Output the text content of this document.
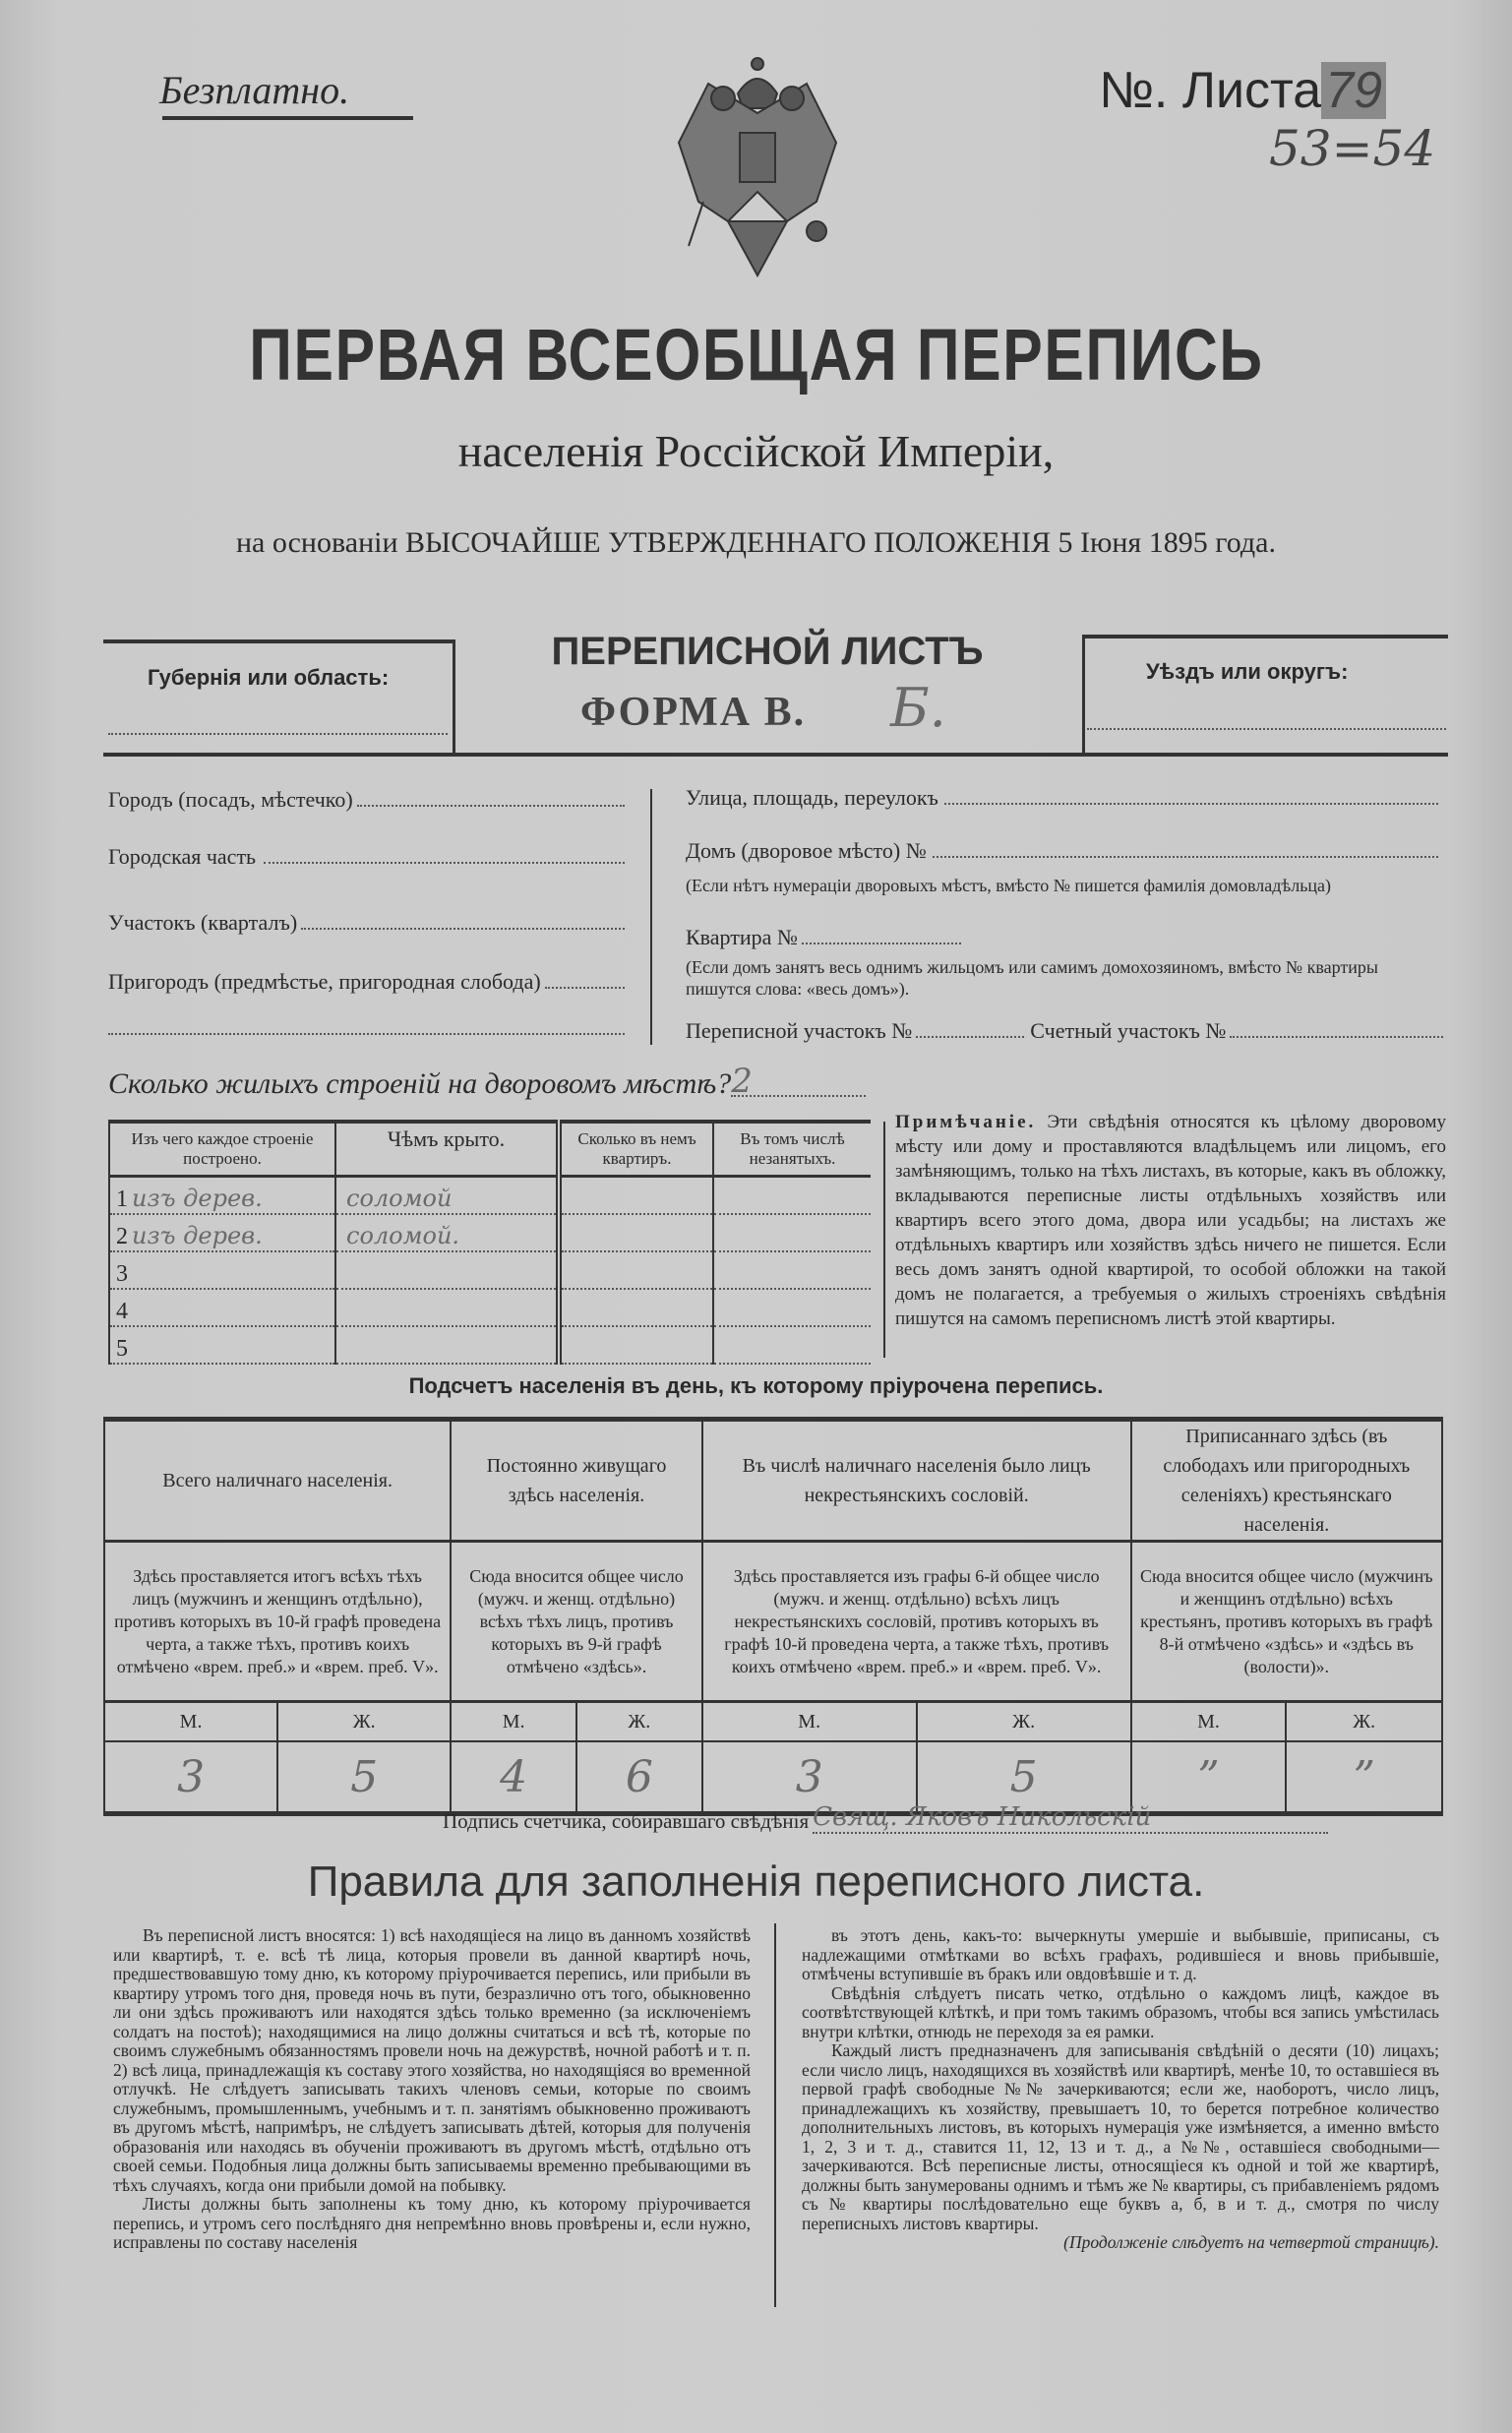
Безплатно.	№. Листа79
53=54
ПЕРВАЯ ВСЕОБЩАЯ ПЕРЕПИСЬ
населенія Россійской Имперіи,
на основаніи ВЫСОЧАЙШЕ УТВЕРЖДЕННАГО ПОЛОЖЕНІЯ 5 Іюня 1895 года.
Губернія или область:
ПЕРЕПИСНОЙ ЛИСТЪ
ФОРМА В. Б.
Уѣздъ или округъ:
Городъ (посадъ, мѣстечко)
Городская часть
Участокъ (кварталъ)
Пригородъ (предмѣстье, пригородная слобода)
Улица, площадь, переулокъ
Домъ (дворовое мѣсто) №
(Если нѣтъ нумераціи дворовыхъ мѣстъ, вмѣсто № пишется фамилія домовладѣльца)
Квартира №
(Если домъ занятъ весь однимъ жильцомъ или самимъ домохозяиномъ, вмѣсто № квартиры пишутся слова: «весь домъ»).
Переписной участокъ №	Счетный участокъ №
Сколько жилыхъ строеній на дворовомъ мѣстѣ? 2
Изъ чего каждое строеніе построено.	Чѣмъ крыто.	Сколько въ немъ квартиръ.	Въ томъ числѣ незанятыхъ.
1 изъ дерев.	соломой		
2 изъ дерев.	соломой.		
3			
4			
5			
Примѣчаніе. Эти свѣдѣнія относятся къ цѣлому дворовому мѣсту или дому и проставляются владѣльцемъ или лицомъ, его замѣняющимъ, только на тѣхъ листахъ, въ которые, какъ въ обложку, вкладываются переписные листы отдѣльныхъ хозяйствъ или квартиръ всего этого дома, двора или усадьбы; на листахъ же отдѣльныхъ квартиръ или хозяйствъ здѣсь ничего не пишется. Если весь домъ занятъ одной квартирой, то особой обложки на такой домъ не полагается, а требуемыя о жилыхъ строеніяхъ свѣдѣнія пишутся на самомъ переписномъ листѣ этой квартиры.
Подсчетъ населенія въ день, къ которому пріурочена перепись.
Всего наличнаго населенія.		Постоянно живущаго здѣсь населенія.		Въ числѣ наличнаго населенія было лицъ некрестьянскихъ сословій.		Приписаннаго здѣсь (въ слободахъ или пригородныхъ селеніяхъ) крестьянскаго населенія.	
Здѣсь проставляется итогъ всѣхъ тѣхъ лицъ (мужчинъ и женщинъ отдѣльно), противъ которыхъ въ 10-й графѣ проведена черта, а также тѣхъ, противъ коихъ отмѣчено «врем. преб.» и «врем. преб. V».		Сюда вносится общее число (мужч. и женщ. отдѣльно) всѣхъ тѣхъ лицъ, противъ которыхъ въ 9-й графѣ отмѣчено «здѣсь».		Здѣсь проставляется изъ графы 6-й общее число (мужч. и женщ. отдѣльно) всѣхъ лицъ некрестьянскихъ сословій, противъ которыхъ въ графѣ 10-й проведена черта, а также тѣхъ, противъ коихъ отмѣчено «врем. преб.» и «врем. преб. V».		Сюда вносится общее число (мужчинъ и женщинъ отдѣльно) всѣхъ крестьянъ, противъ которыхъ въ графѣ 8-й отмѣчено «здѣсь» и «здѣсь въ (волости)».	
М.	Ж.	М.	Ж.	М.	Ж.	М.	Ж.
3	5	4	6	3	5	”	”
Подпись счетчика, собиравшаго свѣдѣнія Свящ. Яковъ Никольскій
Правила для заполненія переписного листа.

Въ переписной листъ вносятся: 1) всѣ находящіеся на лицо въ данномъ хозяйствѣ или квартирѣ, т. е. всѣ тѣ лица, которыя провели въ данной квартирѣ ночь, предшествовавшую тому дню, къ которому пріурочивается перепись, или прибыли въ квартиру утромъ того дня, проведя ночь въ пути, безразлично отъ того, обыкновенно ли они здѣсь проживаютъ или находятся здѣсь только временно (за исключеніемъ солдатъ на постоѣ); находящимися на лицо должны считаться и всѣ тѣ, которые по своимъ служебнымъ обязанностямъ провели ночь на дежурствѣ, ночной работѣ и т. п. 2) всѣ лица, принадлежащія къ составу этого хозяйства, но находящіяся во временной отлучкѣ. Не слѣдуетъ записывать такихъ членовъ семьи, которые по своимъ служебнымъ, промышленнымъ, учебнымъ и т. п. занятіямъ обыкновенно проживаютъ въ другомъ мѣстѣ, напримѣръ, не слѣдуетъ записывать дѣтей, которыя для полученія образованія или находясь въ обученіи проживаютъ въ другомъ мѣстѣ, отдѣльно отъ своей семьи. Подобныя лица должны быть записываемы временно пребывающими въ тѣхъ случаяхъ, когда они прибыли домой на побывку.

Листы должны быть заполнены къ тому дню, къ которому пріурочивается перепись, и утромъ сего послѣдняго дня непремѣнно вновь провѣрены и, если нужно, исправлены по составу населенія

въ этотъ день, какъ-то: вычеркнуты умершіе и выбывшіе, приписаны, съ надлежащими отмѣтками во всѣхъ графахъ, родившіеся и вновь прибывшіе, отмѣчены вступившіе въ бракъ или овдовѣвшіе и т. д.

Свѣдѣнія слѣдуетъ писать четко, отдѣльно о каждомъ лицѣ, каждое въ соотвѣтствующей клѣткѣ, и при томъ такимъ образомъ, чтобы вся запись умѣстилась внутри клѣтки, отнюдь не переходя за ея рамки.

Каждый листъ предназначенъ для записыванія свѣдѣній о десяти (10) лицахъ; если число лицъ, находящихся въ хозяйствѣ или квартирѣ, менѣе 10, то оставшіеся въ первой графѣ свободные №№ зачеркиваются; если же, наоборотъ, число лицъ, принадлежащихъ къ хозяйству, превышаетъ 10, то берется потребное количество дополнительныхъ листовъ, въ которыхъ нумерація уже измѣняется, а именно вмѣсто 1, 2, 3 и т. д., ставится 11, 12, 13 и т. д., а №№, оставшіеся свободными—зачеркиваются. Всѣ переписные листы, относящіеся къ одной и той же квартирѣ, должны быть занумерованы однимъ и тѣмъ же № квартиры, съ прибавленіемъ рядомъ съ № квартиры послѣдовательно еще буквъ а, б, в и т. д., смотря по числу переписныхъ листовъ квартиры.

(Продолженіе слѣдуетъ на четвертой страницѣ).
